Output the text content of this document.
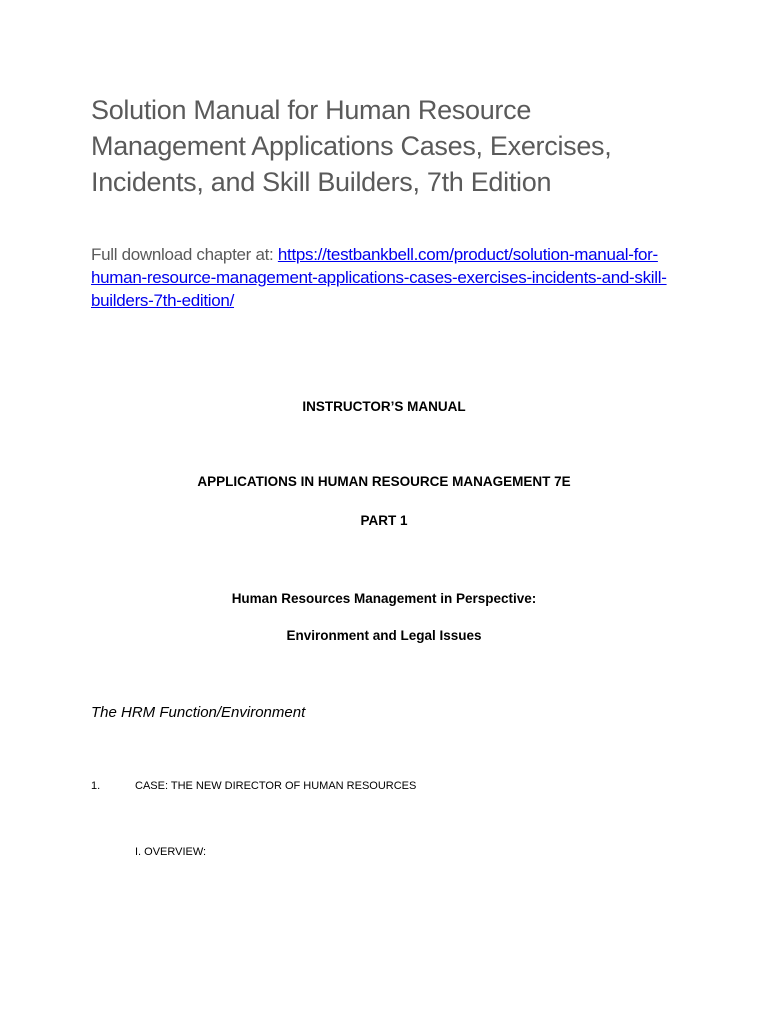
Solution Manual for Human Resource Management Applications Cases, Exercises, Incidents, and Skill Builders, 7th Edition

Full download chapter at: https://testbankbell.com/product/solution-manual-for-human-resource-management-applications-cases-exercises-incidents-and-skill-builders-7th-edition/

INSTRUCTOR’S MANUAL

APPLICATIONS IN HUMAN RESOURCE MANAGEMENT 7E

PART 1

Human Resources Management in Perspective:

Environment and Legal Issues

The HRM Function/Environment

1.	CASE: THE NEW DIRECTOR OF HUMAN RESOURCES

I. OVERVIEW:
